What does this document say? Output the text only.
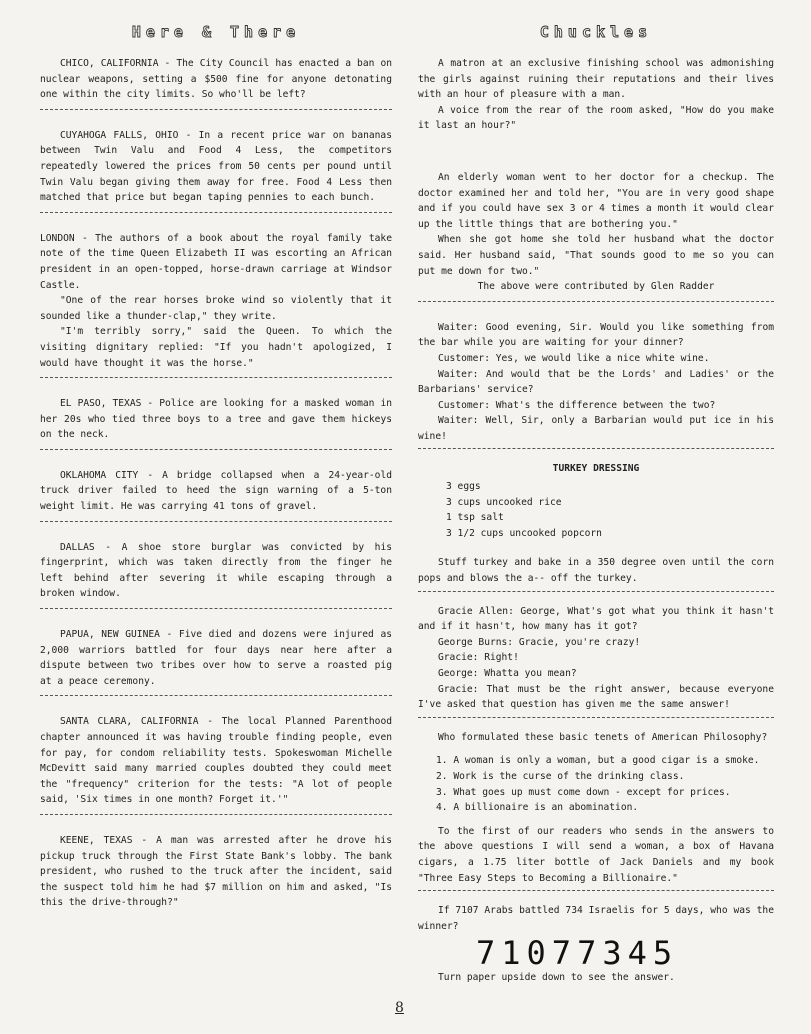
Here & There

CHICO, CALIFORNIA - The City Council has enacted a ban on nuclear weapons, setting a $500 fine for anyone detonating one within the city limits. So who'll be left?

CUYAHOGA FALLS, OHIO - In a recent price war on bananas between Twin Valu and Food 4 Less, the competitors repeatedly lowered the prices from 50 cents per pound until Twin Valu began giving them away for free. Food 4 Less then matched that price but began taping pennies to each bunch.

LONDON - The authors of a book about the royal family take note of the time Queen Elizabeth II was escorting an African president in an open-topped, horse-drawn carriage at Windsor Castle.

"One of the rear horses broke wind so violently that it sounded like a thunder-clap," they write.

"I'm terribly sorry," said the Queen. To which the visiting dignitary replied: "If you hadn't apologized, I would have thought it was the horse."

EL PASO, TEXAS - Police are looking for a masked woman in her 20s who tied three boys to a tree and gave them hickeys on the neck.

OKLAHOMA CITY - A bridge collapsed when a 24-year-old truck driver failed to heed the sign warning of a 5-ton weight limit. He was carrying 41 tons of gravel.

DALLAS - A shoe store burglar was convicted by his fingerprint, which was taken directly from the finger he left behind after severing it while escaping through a broken window.

PAPUA, NEW GUINEA - Five died and dozens were injured as 2,000 warriors battled for four days near here after a dispute between two tribes over how to serve a roasted pig at a peace ceremony.

SANTA CLARA, CALIFORNIA - The local Planned Parenthood chapter announced it was having trouble finding people, even for pay, for condom reliability tests. Spokeswoman Michelle McDevitt said many married couples doubted they could meet the "frequency" criterion for the tests: "A lot of people said, 'Six times in one month? Forget it.'"

KEENE, TEXAS - A man was arrested after he drove his pickup truck through the First State Bank's lobby. The bank president, who rushed to the truck after the incident, said the suspect told him he had $7 million on him and asked, "Is this the drive-through?"

Chuckles

A matron at an exclusive finishing school was admonishing the girls against ruining their reputations and their lives with an hour of pleasure with a man.

A voice from the rear of the room asked, "How do you make it last an hour?"

An elderly woman went to her doctor for a checkup. The doctor examined her and told her, "You are in very good shape and if you could have sex 3 or 4 times a month it would clear up the little things that are bothering you."

When she got home she told her husband what the doctor said. Her husband said, "That sounds good to me so you can put me down for two."

The above were contributed by Glen Radder

Waiter: Good evening, Sir. Would you like something from the bar while you are waiting for your dinner?

Customer: Yes, we would like a nice white wine.

Waiter: And would that be the Lords' and Ladies' or the Barbarians' service?

Customer: What's the difference between the two?

Waiter: Well, Sir, only a Barbarian would put ice in his wine!

TURKEY DRESSING
3 eggs
3 cups uncooked rice
1 tsp salt
3 1/2 cups uncooked popcorn

Stuff turkey and bake in a 350 degree oven until the corn pops and blows the a-- off the turkey.

Gracie Allen: George, What's got what you think it hasn't and if it hasn't, how many has it got?

George Burns: Gracie, you're crazy!

Gracie: Right!

George: Whatta you mean?

Gracie: That must be the right answer, because everyone I've asked that question has given me the same answer!

Who formulated these basic tenets of American Philosophy?

1. A woman is only a woman, but a good cigar is a smoke.
2. Work is the curse of the drinking class.
3. What goes up must come down - except for prices.
4. A billionaire is an abomination.

To the first of our readers who sends in the answers to the above questions I will send a woman, a box of Havana cigars, a 1.75 liter bottle of Jack Daniels and my book "Three Easy Steps to Becoming a Billionaire."

If 7107 Arabs battled 734 Israelis for 5 days, who was the winner?

71077345

Turn paper upside down to see the answer.

8
